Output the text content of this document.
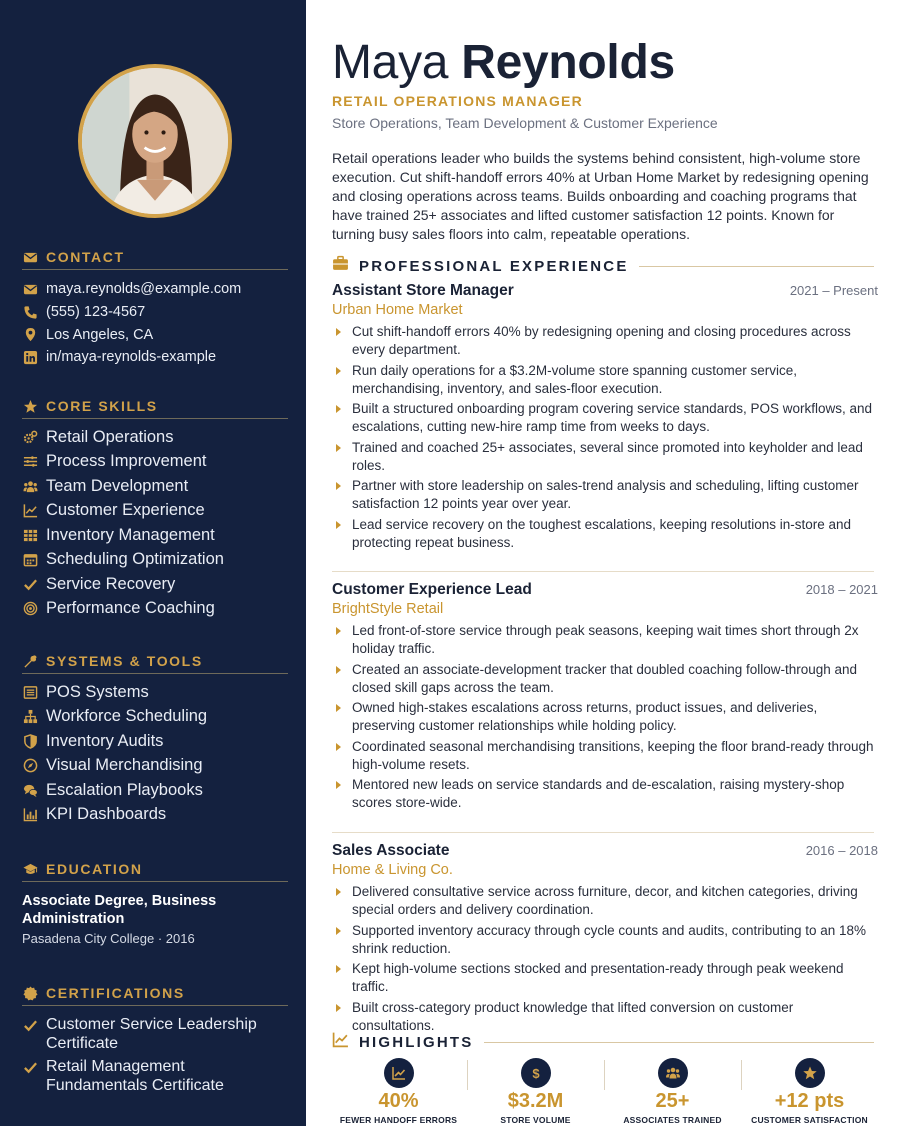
CONTACT
maya.reynolds@example.com
(555) 123-4567
Los Angeles, CA
in/maya-reynolds-example
CORE SKILLS
Retail Operations
Process Improvement
Team Development
Customer Experience
Inventory Management
Scheduling Optimization
Service Recovery
Performance Coaching
SYSTEMS & TOOLS
POS Systems
Workforce Scheduling
Inventory Audits
Visual Merchandising
Escalation Playbooks
KPI Dashboards
EDUCATION
Associate Degree, Business Administration
Pasadena City College · 2016
CERTIFICATIONS
Customer Service Leadership Certificate
Retail Management Fundamentals Certificate
Maya Reynolds
RETAIL OPERATIONS MANAGER
Store Operations, Team Development & Customer Experience

Retail operations leader who builds the systems behind consistent, high-volume store execution. Cut shift-handoff errors 40% at Urban Home Market by redesigning opening and closing operations across teams. Builds onboarding and coaching programs that have trained 25+ associates and lifted customer satisfaction 12 points. Known for turning busy sales floors into calm, repeatable operations.

PROFESSIONAL EXPERIENCE
Assistant Store Manager	2021 – Present
Urban Home Market
Cut shift-handoff errors 40% by redesigning opening and closing procedures across every department.
Run daily operations for a $3.2M-volume store spanning customer service, merchandising, inventory, and sales-floor execution.
Built a structured onboarding program covering service standards, POS workflows, and escalations, cutting new-hire ramp time from weeks to days.
Trained and coached 25+ associates, several since promoted into keyholder and lead roles.
Partner with store leadership on sales-trend analysis and scheduling, lifting customer satisfaction 12 points year over year.
Lead service recovery on the toughest escalations, keeping resolutions in-store and protecting repeat business.
Customer Experience Lead	2018 – 2021
BrightStyle Retail
Led front-of-store service through peak seasons, keeping wait times short through 2x holiday traffic.
Created an associate-development tracker that doubled coaching follow-through and closed skill gaps across the team.
Owned high-stakes escalations across returns, product issues, and deliveries, preserving customer relationships while holding policy.
Coordinated seasonal merchandising transitions, keeping the floor brand-ready through high-volume resets.
Mentored new leads on service standards and de-escalation, raising mystery-shop scores store-wide.
Sales Associate	2016 – 2018
Home & Living Co.
Delivered consultative service across furniture, decor, and kitchen categories, driving special orders and delivery coordination.
Supported inventory accuracy through cycle counts and audits, contributing to an 18% shrink reduction.
Kept high-volume sections stocked and presentation-ready through peak weekend traffic.
Built cross-category product knowledge that lifted conversion on customer consultations.
HIGHLIGHTS
40%
FEWER HANDOFF ERRORS
$
$3.2M
STORE VOLUME
25+
ASSOCIATES TRAINED
+12 pts
CUSTOMER SATISFACTION
